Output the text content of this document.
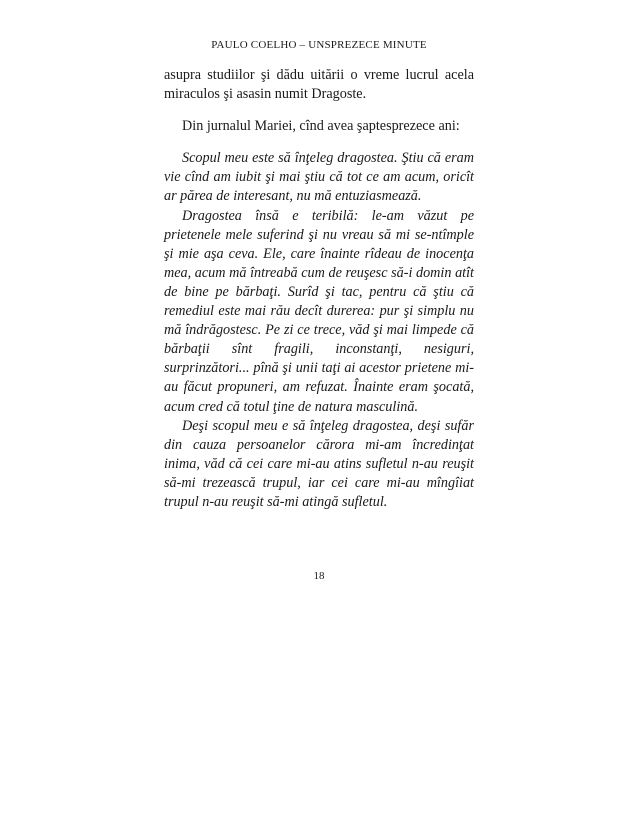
PAULO COELHO – UNSPREZECE MINUTE

asupra studiilor şi dădu uitării o vreme lucrul acela miraculos şi asasin numit Dragoste.

Din jurnalul Mariei, cînd avea şaptesprezece ani:

Scopul meu este să înţeleg dragostea. Ştiu că eram vie cînd am iubit şi mai ştiu că tot ce am acum, oricît ar părea de interesant, nu mă entuziasmează.

Dragostea însă e teribilă: le-am văzut pe prietenele mele suferind şi nu vreau să mi se-ntîmple şi mie aşa ceva. Ele, care înainte rîdeau de inocenţa mea, acum mă întreabă cum de reuşesc să-i domin atît de bine pe bărbaţi. Surîd şi tac, pentru că ştiu că remediul este mai rău decît durerea: pur şi simplu nu mă îndrăgostesc. Pe zi ce trece, văd şi mai limpede că bărbaţii sînt fragili, inconstanţi, nesiguri, surprinzători... pînă şi unii taţi ai acestor prietene mi-au făcut propuneri, am refuzat. Înainte eram şocată, acum cred că totul ţine de natura masculină.

Deşi scopul meu e să înţeleg dragostea, deşi sufăr din cauza persoanelor cărora mi-am încredinţat inima, văd că cei care mi-au atins sufletul n-au reuşit să-mi trezească trupul, iar cei care mi-au mîngîiat trupul n-au reuşit să-mi atingă sufletul.

18
